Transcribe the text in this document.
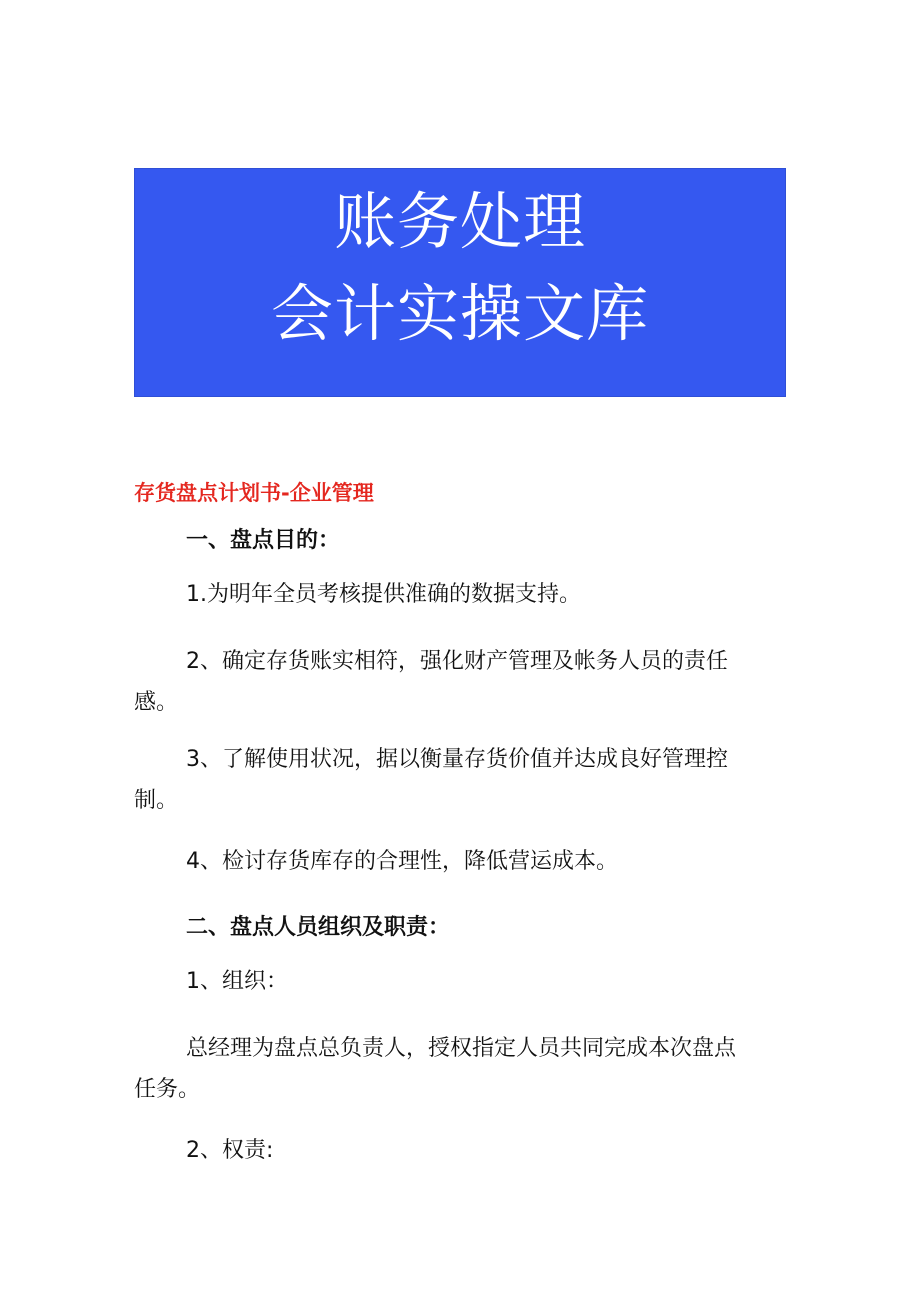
账务处理
会计实操文库
存货盘点计划书-企业管理
一、盘点目的：

1.为明年全员考核提供准确的数据支持。

2、确定存货账实相符，强化财产管理及帐务人员的责任
感。

3、了解使用状况，据以衡量存货价值并达成良好管理控
制。

4、检讨存货库存的合理性，降低营运成本。

二、盘点人员组织及职责：

1、组织：

总经理为盘点总负责人，授权指定人员共同完成本次盘点
任务。

2、权责:
